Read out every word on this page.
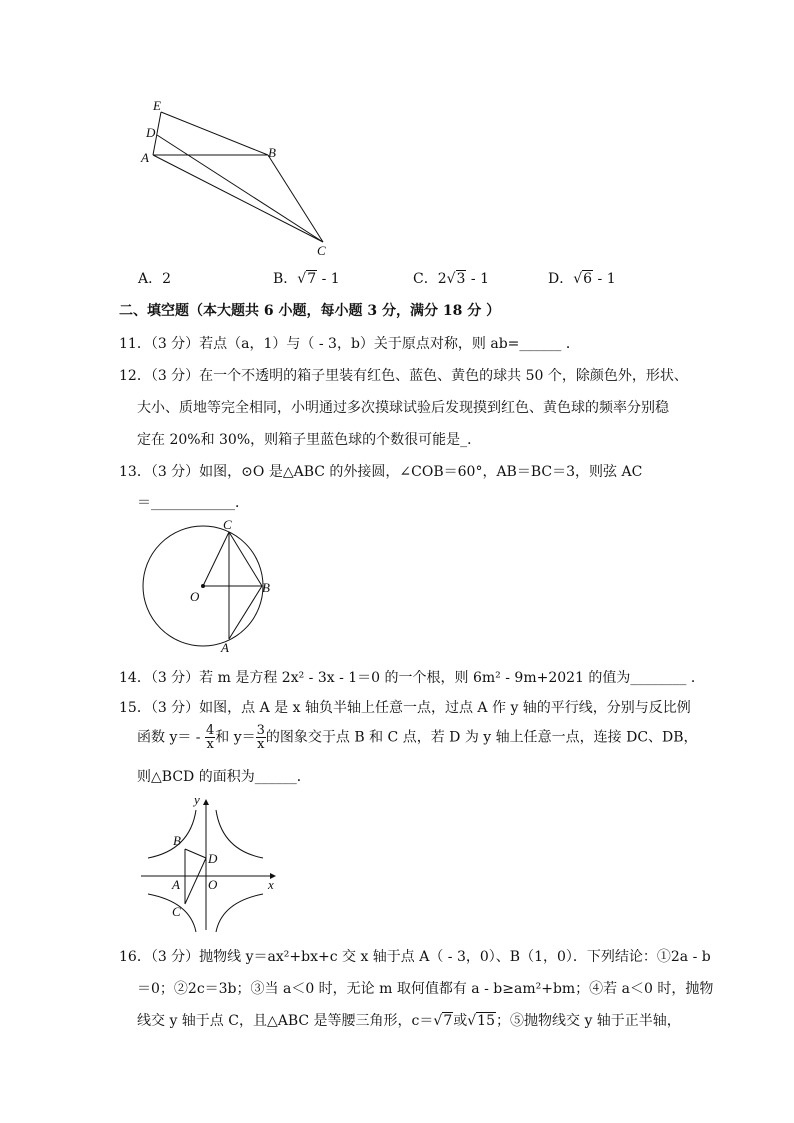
E
D
A	B
C
A．2	B．√7 - 1	C．2√3 - 1	D．√6 - 1
二、填空题（本大题共 6 小题，每小题 3 分，满分 18 分 ）
11．（3 分）若点（a，1）与（ - 3，b）关于原点对称，则 ab=______ ．
12．（3 分）在一个不透明的箱子里装有红色、蓝色、黄色的球共 50 个，除颜色外，形状、
大小、质地等完全相同，小明通过多次摸球试验后发现摸到红色、黄色球的频率分别稳
定在 20%和 30%，则箱子里蓝色球的个数很可能是_．
13．（3 分）如图，⊙O 是△ABC 的外接圆，∠COB＝60°，AB＝BC＝3，则弦 AC
＝____________．
C
O
B
A
14．（3 分）若 m 是方程 2x² - 3x - 1＝0 的一个根，则 6m² - 9m+2021 的值为________ ．
15．（3 分）如图，点 A 是 x 轴负半轴上任意一点，过点 A 作 y 轴的平行线，分别与反比例
函数 $y= - \frac{4}{x}$ 和 $y= \frac{3}{x}$ 的图象交于点 B 和 C 点，若 D 为 y 轴上任意一点，连接 DC、DB，
则△BCD 的面积为______．
y
x
B
D
A O
C
16．（3 分）抛物线 y＝ax²+bx+c 交 x 轴于点 A（ - 3，0）、B（1，0）．下列结论：①2a - b
＝0；②2c＝3b；③当 a＜0 时，无论 m 取何值都有 a - b≥am²+bm；④若 a＜0 时，抛物
线交 y 轴于点 C，且△ABC 是等腰三角形，c＝√7或√15；⑤抛物线交 y 轴于正半轴，
